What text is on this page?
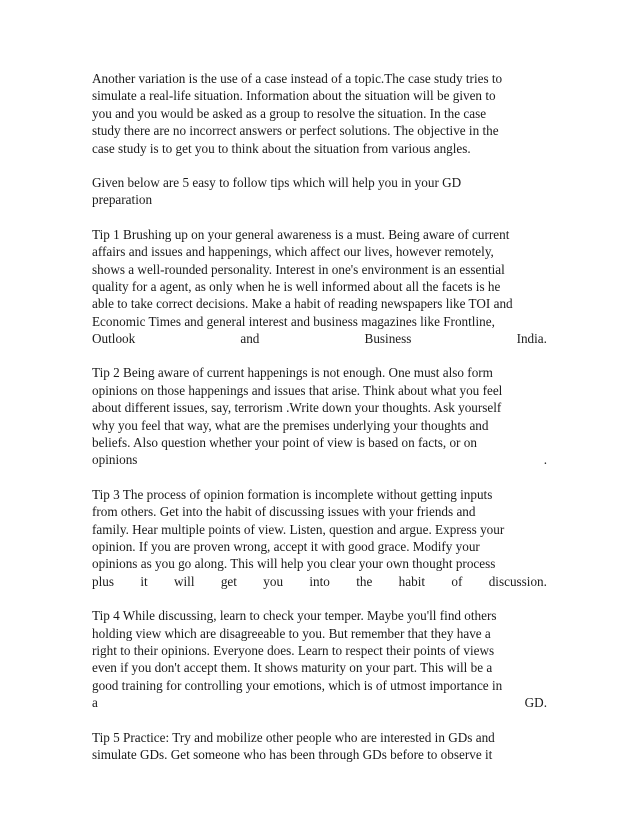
Another variation is the use of a case instead of a topic.The case study tries to
simulate a real-life situation. Information about the situation will be given to
you and you would be asked as a group to resolve the situation. In the case
study there are no incorrect answers or perfect solutions. The objective in the
case study is to get you to think about the situation from various angles.
Given below are 5 easy to follow tips which will help you in your GD
preparation
Tip 1 Brushing up on your general awareness is a must. Being aware of current
affairs and issues and happenings, which affect our lives, however remotely,
shows a well-rounded personality. Interest in one's environment is an essential
quality for a agent, as only when he is well informed about all the facets is he
able to take correct decisions. Make a habit of reading newspapers like TOI and
Economic Times and general interest and business magazines like Frontline,
Outlook	and	Business	India.
Tip 2 Being aware of current happenings is not enough. One must also form
opinions on those happenings and issues that arise. Think about what you feel
about different issues, say, terrorism .Write down your thoughts. Ask yourself
why you feel that way, what are the premises underlying your thoughts and
beliefs. Also question whether your point of view is based on facts, or on
opinions	.
Tip 3 The process of opinion formation is incomplete without getting inputs
from others. Get into the habit of discussing issues with your friends and
family. Hear multiple points of view. Listen, question and argue. Express your
opinion. If you are proven wrong, accept it with good grace. Modify your
opinions as you go along. This will help you clear your own thought process
plus it will get you into the habit of discussion.
Tip 4 While discussing, learn to check your temper. Maybe you'll find others
holding view which are disagreeable to you. But remember that they have a
right to their opinions. Everyone does. Learn to respect their points of views
even if you don't accept them. It shows maturity on your part. This will be a
good training for controlling your emotions, which is of utmost importance in
a	GD.
Tip 5 Practice: Try and mobilize other people who are interested in GDs and
simulate GDs. Get someone who has been through GDs before to observe it
